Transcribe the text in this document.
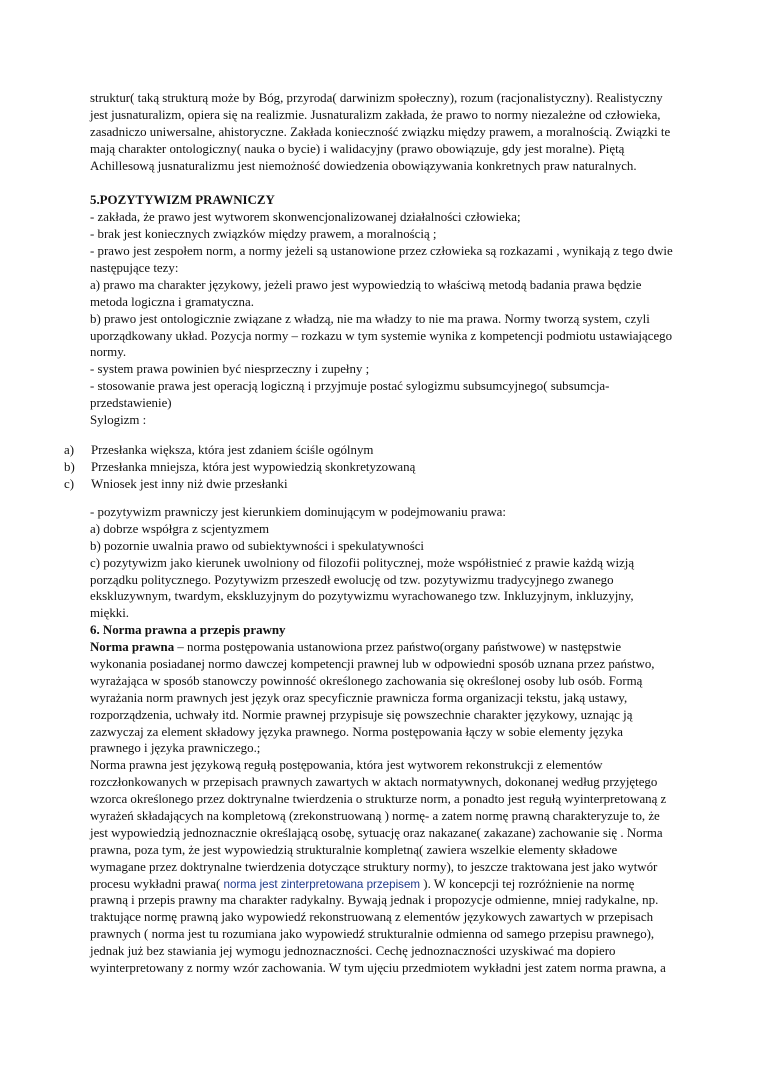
struktur( taką strukturą może by Bóg, przyroda( darwinizm społeczny), rozum (racjonalistyczny). Realistyczny
jest jusnaturalizm, opiera się na realizmie. Jusnaturalizm zakłada, że prawo to normy niezależne od człowieka,
zasadniczo uniwersalne, ahistoryczne. Zakłada konieczność związku między prawem, a moralnością. Związki te
mają charakter ontologiczny( nauka o bycie) i walidacyjny (prawo obowiązuje, gdy jest moralne). Piętą
Achillesową jusnaturalizmu jest niemożność dowiedzenia obowiązywania konkretnych praw naturalnych.
5.POZYTYWIZM PRAWNICZY
- zakłada, że prawo jest wytworem skonwencjonalizowanej działalności człowieka;
- brak jest koniecznych związków między prawem, a moralnością ;
- prawo jest zespołem norm, a normy jeżeli są ustanowione przez człowieka są rozkazami , wynikają z tego dwie
następujące tezy:
a) prawo ma charakter językowy, jeżeli prawo jest wypowiedzią to właściwą metodą badania prawa będzie
metoda logiczna i gramatyczna.
b) prawo jest ontologicznie związane z władzą, nie ma władzy to nie ma prawa. Normy tworzą system, czyli
uporządkowany układ. Pozycja normy – rozkazu w tym systemie wynika z kompetencji podmiotu ustawiającego
normy.
- system prawa powinien być niesprzeczny i zupełny ;
- stosowanie prawa jest operacją logiczną i przyjmuje postać sylogizmu subsumcyjnego( subsumcja-
przedstawienie)
Sylogizm :
a)	Przesłanka większa, która jest zdaniem ściśle ogólnym
b)	Przesłanka mniejsza, która jest wypowiedzią skonkretyzowaną
c)	Wniosek jest inny niż dwie przesłanki
- pozytywizm prawniczy jest kierunkiem dominującym w podejmowaniu prawa:
a) dobrze współgra z scjentyzmem
b) pozornie uwalnia prawo od subiektywności i spekulatywności
c) pozytywizm jako kierunek uwolniony od filozofii politycznej, może współistnieć z prawie każdą wizją
porządku politycznego. Pozytywizm przeszedł ewolucję od tzw. pozytywizmu tradycyjnego zwanego
ekskluzywnym, twardym, ekskluzyjnym do pozytywizmu wyrachowanego tzw. Inkluzyjnym, inkluzyjny,
miękki.
6. Norma prawna a przepis prawny
Norma prawna – norma postępowania ustanowiona przez państwo(organy państwowe) w następstwie
wykonania posiadanej normo dawczej kompetencji prawnej lub w odpowiedni sposób uznana przez państwo,
wyrażająca w sposób stanowczy powinność określonego zachowania się określonej osoby lub osób. Formą
wyrażania norm prawnych jest język oraz specyficznie prawnicza forma organizacji tekstu, jaką ustawy,
rozporządzenia, uchwały itd. Normie prawnej przypisuje się powszechnie charakter językowy, uznając ją
zazwyczaj za element składowy języka prawnego. Norma postępowania łączy w sobie elementy języka
prawnego i języka prawniczego.;
Norma prawna jest językową regułą postępowania, która jest wytworem rekonstrukcji z elementów
rozczłonkowanych w przepisach prawnych zawartych w aktach normatywnych, dokonanej według przyjętego
wzorca określonego przez doktrynalne twierdzenia o strukturze norm, a ponadto jest regułą wyinterpretowaną z
wyrażeń składających na kompletową (zrekonstruowaną ) normę- a zatem normę prawną charakteryzuje to, że
jest wypowiedzią jednoznacznie określającą osobę, sytuację oraz nakazane( zakazane) zachowanie się . Norma
prawna, poza tym, że jest wypowiedzią strukturalnie kompletną( zawiera wszelkie elementy składowe
wymagane przez doktrynalne twierdzenia dotyczące struktury normy), to jeszcze traktowana jest jako wytwór
procesu wykładni prawa( norma jest zinterpretowana przepisem ). W koncepcji tej rozróżnienie na normę
prawną i przepis prawny ma charakter radykalny. Bywają jednak i propozycje odmienne, mniej radykalne, np.
traktujące normę prawną jako wypowiedź rekonstruowaną z elementów językowych zawartych w przepisach
prawnych ( norma jest tu rozumiana jako wypowiedź strukturalnie odmienna od samego przepisu prawnego),
jednak już bez stawiania jej wymogu jednoznaczności. Cechę jednoznaczności uzyskiwać ma dopiero
wyinterpretowany z normy wzór zachowania. W tym ujęciu przedmiotem wykładni jest zatem norma prawna, a
